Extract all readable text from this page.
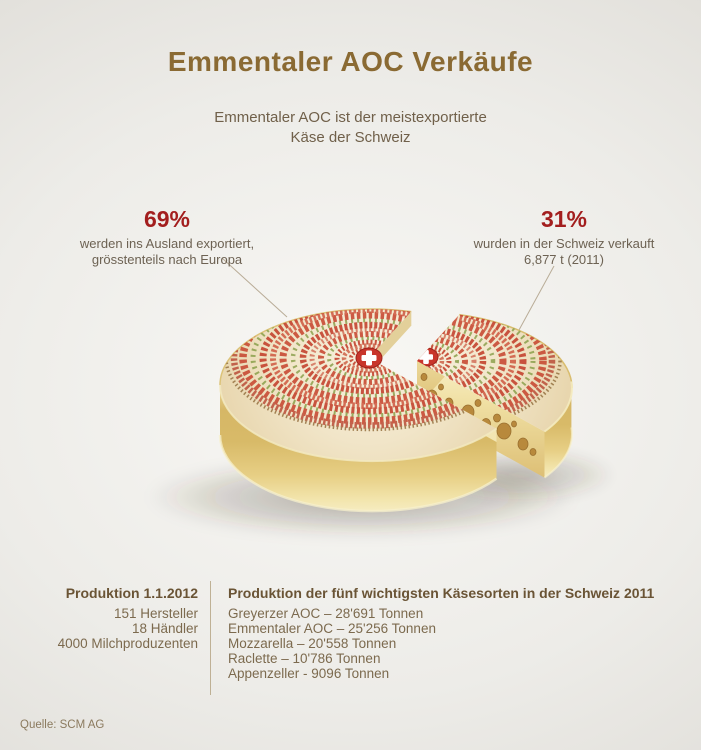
Emmentaler AOC Verkäufe
Emmentaler AOC ist der meistexportierte
Käse der Schweiz
69%
werden ins Ausland exportiert,
grösstenteils nach Europa
31%
wurden in der Schweiz verkauft
6,877 t (2011)
Produktion 1.1.2012
151 Hersteller
18 Händler
4000 Milchproduzenten
Produktion der fünf wichtigsten Käsesorten in der Schweiz 2011
Greyerzer AOC – 28'691 Tonnen
Emmentaler AOC – 25'256 Tonnen
Mozzarella – 20'558 Tonnen
Raclette – 10'786 Tonnen
Appenzeller - 9096 Tonnen
Quelle: SCM AG
